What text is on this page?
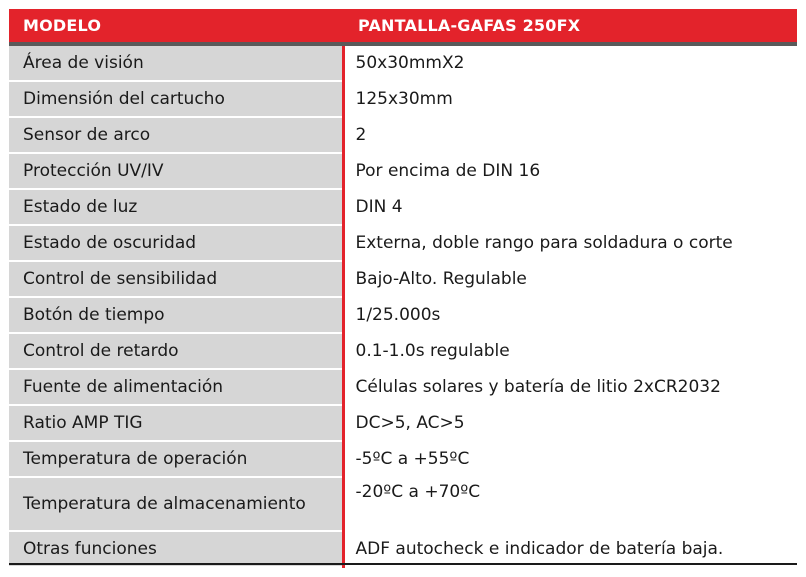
MODELO	PANTALLA-GAFAS 250FX
Área de visión	50x30mmX2
Dimensión del cartucho	125x30mm
Sensor de arco	2
Protección UV/IV	Por encima de DIN 16
Estado de luz	DIN 4
Estado de oscuridad	Externa, doble rango para soldadura o corte
Control de sensibilidad	Bajo-Alto. Regulable
Botón de tiempo	1/25.000s
Control de retardo	0.1-1.0s regulable
Fuente de alimentación	Células solares y batería de litio 2xCR2032
Ratio AMP TIG	DC>5, AC>5
Temperatura de operación	-5ºC a +55ºC
Temperatura de almacenamiento	-20ºC a +70ºC
Otras funciones	ADF autocheck e indicador de batería baja.
